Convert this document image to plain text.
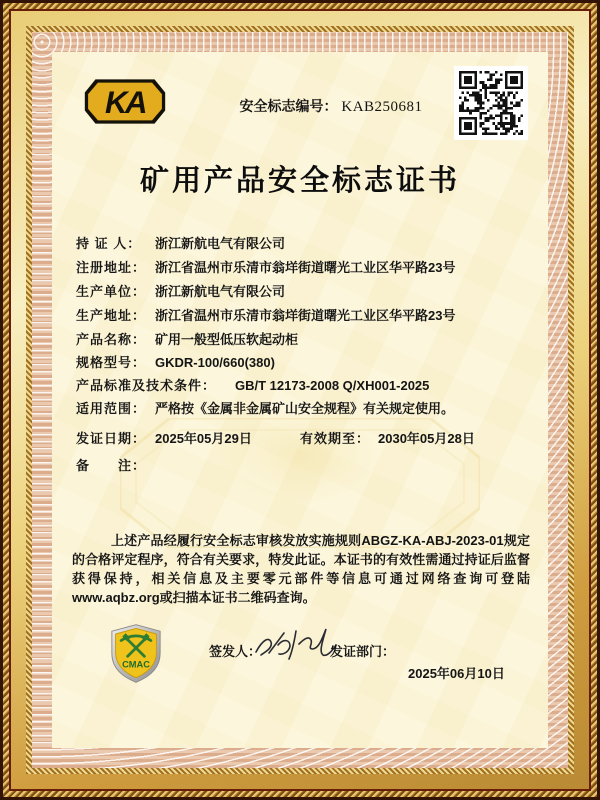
KA	安全标志编号： KAB250681
矿用产品安全标志证书
持 证 人： 浙江新航电气有限公司
注册地址： 浙江省温州市乐清市翁垟街道曙光工业区华平路23号
生产单位： 浙江新航电气有限公司
生产地址： 浙江省温州市乐清市翁垟街道曙光工业区华平路23号
产品名称： 矿用一般型低压软起动柜
规格型号： GKDR-100/660(380)
产品标准及技术条件： GB/T 12173-2008 Q/XH001-2025
适用范围： 严格按《金属非金属矿山安全规程》有关规定使用。
发证日期： 2025年05月29日	有效期至： 2030年05月28日
备　　注：
上述产品经履行安全标志审核发放实施规则ABGZ-KA-ABJ-2023-01规定的合格评定程序，符合有关要求，特发此证。本证书的有效性需通过持证后监督获得保持，相关信息及主要零元部件等信息可通过网络查询可登陆www.aqbz.org或扫描本证书二维码查询。
CMAC
签发人：	发证部门：
2025年06月10日
